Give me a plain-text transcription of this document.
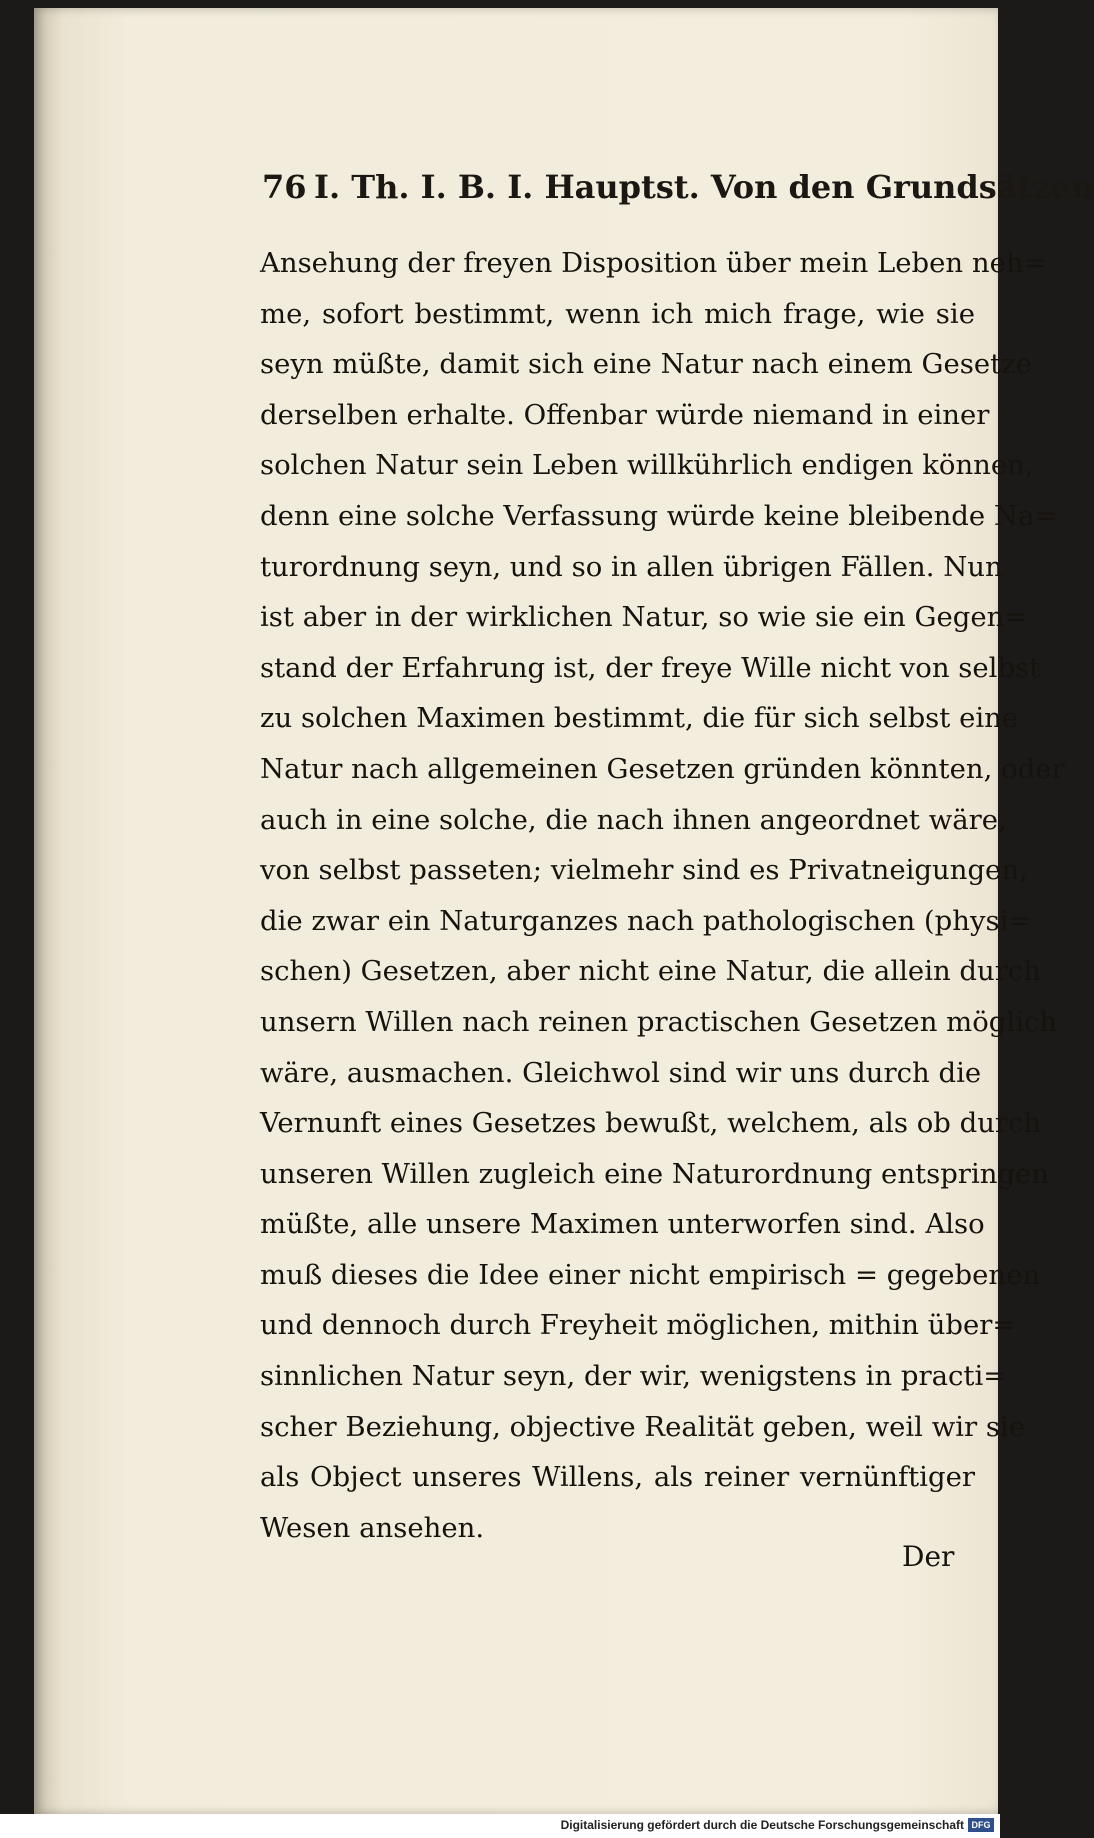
76 I. Th. I. B. I. Hauptst. Von den Grundsätzen
Ansehung der freyen Disposition über mein Leben neh=
me, sofort bestimmt, wenn ich mich frage, wie sie
seyn müßte, damit sich eine Natur nach einem Gesetze
derselben erhalte. Offenbar würde niemand in einer
solchen Natur sein Leben willkührlich endigen können,
denn eine solche Verfassung würde keine bleibende Na=
turordnung seyn, und so in allen übrigen Fällen. Nun
ist aber in der wirklichen Natur, so wie sie ein Gegen=
stand der Erfahrung ist, der freye Wille nicht von selbst
zu solchen Maximen bestimmt, die für sich selbst eine
Natur nach allgemeinen Gesetzen gründen könnten, oder
auch in eine solche, die nach ihnen angeordnet wäre,
von selbst passeten; vielmehr sind es Privatneigungen,
die zwar ein Naturganzes nach pathologischen (physi=
schen) Gesetzen, aber nicht eine Natur, die allein durch
unsern Willen nach reinen practischen Gesetzen möglich
wäre, ausmachen. Gleichwol sind wir uns durch die
Vernunft eines Gesetzes bewußt, welchem, als ob durch
unseren Willen zugleich eine Naturordnung entspringen
müßte, alle unsere Maximen unterworfen sind. Also
muß dieses die Idee einer nicht empirisch = gegebenen
und dennoch durch Freyheit möglichen, mithin über=
sinnlichen Natur seyn, der wir, wenigstens in practi=
scher Beziehung, objective Realität geben, weil wir sie
als Object unseres Willens, als reiner vernünftiger
Wesen ansehen.
Der
Digitalisierung gefördert durch die Deutsche Forschungsgemeinschaft DFG
